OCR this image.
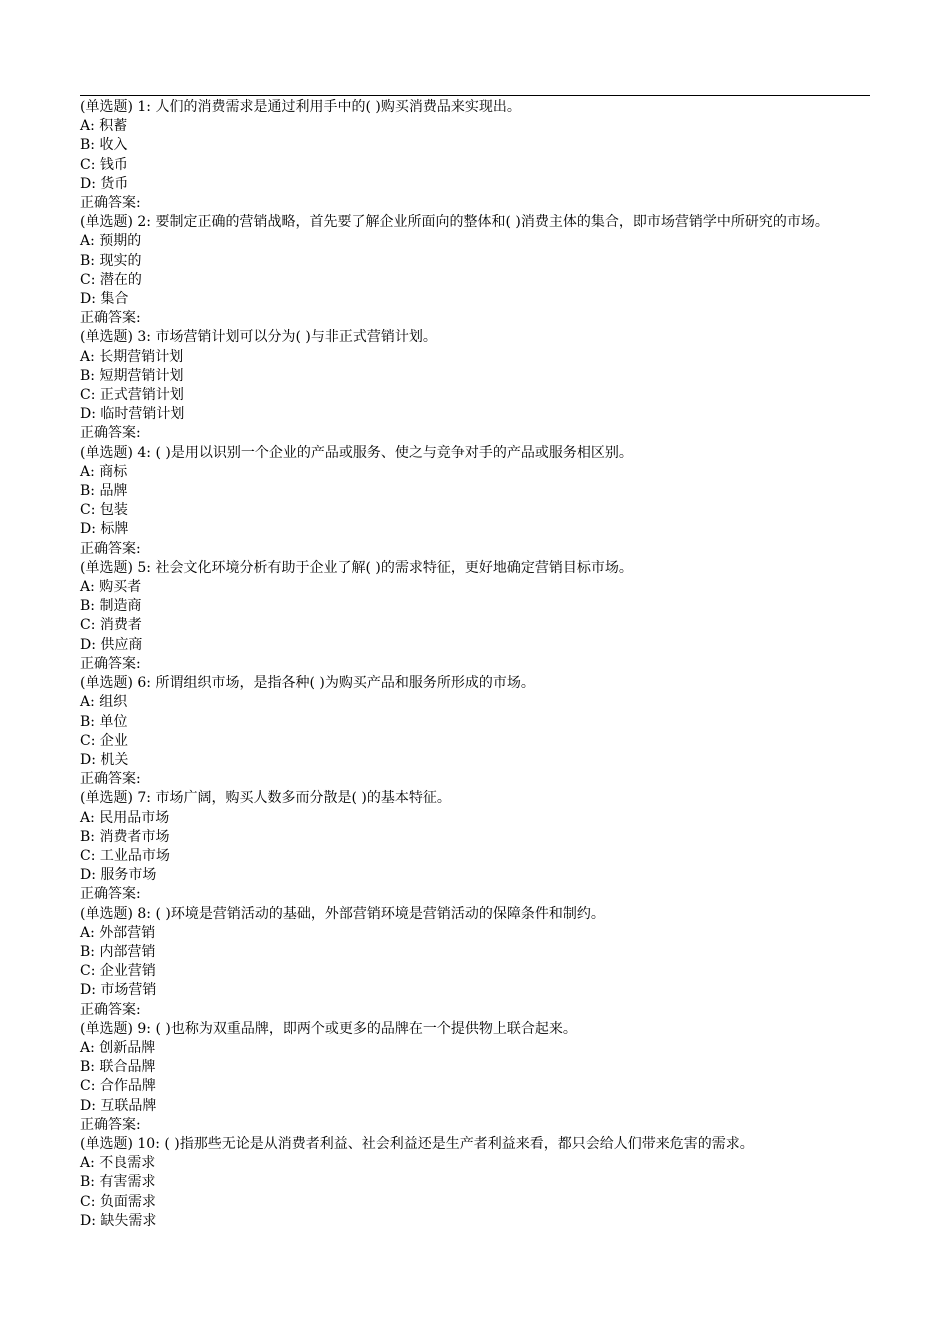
(单选题) 1: 人们的消费需求是通过利用手中的( )购买消费品来实现出。
A: 积蓄
B: 收入
C: 钱币
D: 货币
正确答案:
(单选题) 2: 要制定正确的营销战略，首先要了解企业所面向的整体和( )消费主体的集合，即市场营销学中所研究的市场。
A: 预期的
B: 现实的
C: 潜在的
D: 集合
正确答案:
(单选题) 3: 市场营销计划可以分为( )与非正式营销计划。
A: 长期营销计划
B: 短期营销计划
C: 正式营销计划
D: 临时营销计划
正确答案:
(单选题) 4: ( )是用以识别一个企业的产品或服务、使之与竞争对手的产品或服务相区别。
A: 商标
B: 品牌
C: 包装
D: 标牌
正确答案:
(单选题) 5: 社会文化环境分析有助于企业了解( )的需求特征，更好地确定营销目标市场。
A: 购买者
B: 制造商
C: 消费者
D: 供应商
正确答案:
(单选题) 6: 所谓组织市场，是指各种( )为购买产品和服务所形成的市场。
A: 组织
B: 单位
C: 企业
D: 机关
正确答案:
(单选题) 7: 市场广阔，购买人数多而分散是( )的基本特征。
A: 民用品市场
B: 消费者市场
C: 工业品市场
D: 服务市场
正确答案:
(单选题) 8: ( )环境是营销活动的基础，外部营销环境是营销活动的保障条件和制约。
A: 外部营销
B: 内部营销
C: 企业营销
D: 市场营销
正确答案:
(单选题) 9: ( )也称为双重品牌，即两个或更多的品牌在一个提供物上联合起来。
A: 创新品牌
B: 联合品牌
C: 合作品牌
D: 互联品牌
正确答案:
(单选题) 10: ( )指那些无论是从消费者利益、社会利益还是生产者利益来看，都只会给人们带来危害的需求。
A: 不良需求
B: 有害需求
C: 负面需求
D: 缺失需求
